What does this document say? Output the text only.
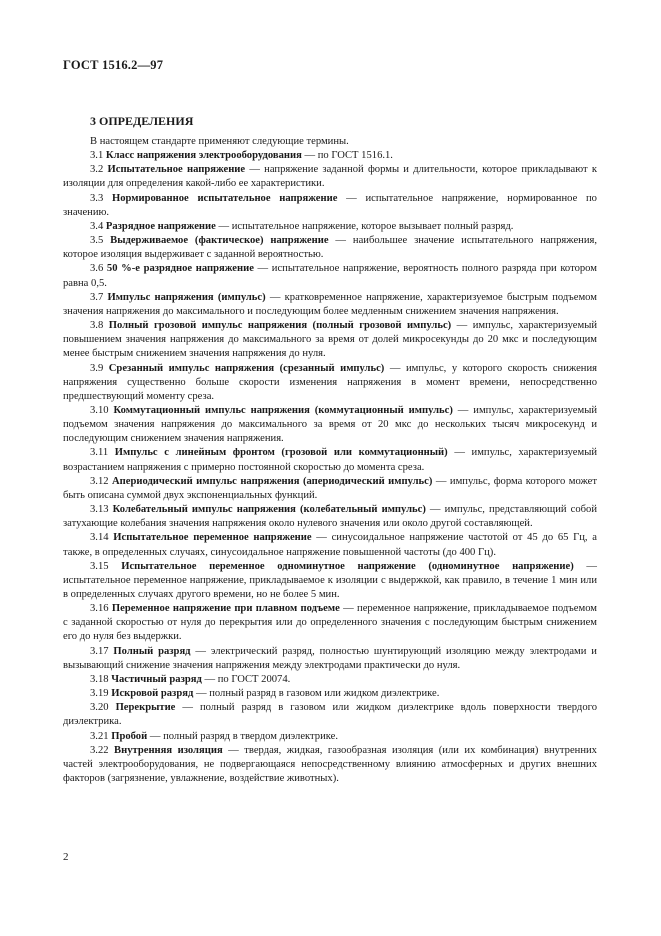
ГОСТ 1516.2—97
3 ОПРЕДЕЛЕНИЯ

В настоящем стандарте применяют следующие термины.

3.1 Класс напряжения электрооборудования — по ГОСТ 1516.1.

3.2 Испытательное напряжение — напряжение заданной формы и длительности, которое прикладывают к изоляции для определения какой-либо ее характеристики.

3.3 Нормированное испытательное напряжение — испытательное напряжение, нормированное по значению.

3.4 Разрядное напряжение — испытательное напряжение, которое вызывает полный разряд.

3.5 Выдерживаемое (фактическое) напряжение — наибольшее значение испытательного напряжения, которое изоляция выдерживает с заданной вероятностью.

3.6 50 %-е разрядное напряжение — испытательное напряжение, вероятность полного разряда при котором равна 0,5.

3.7 Импульс напряжения (импульс) — кратковременное напряжение, характеризуемое быстрым подъемом значения напряжения до максимального и последующим более медленным снижением значения напряжения.

3.8 Полный грозовой импульс напряжения (полный грозовой импульс) — импульс, характеризуемый повышением значения напряжения до максимального за время от долей микросекунды до 20 мкс и последующим менее быстрым снижением значения напряжения до нуля.

3.9 Срезанный импульс напряжения (срезанный импульс) — импульс, у которого скорость снижения напряжения существенно больше скорости изменения напряжения в момент времени, непосредственно предшествующий моменту среза.

3.10 Коммутационный импульс напряжения (коммутационный импульс) — импульс, характеризуемый подъемом значения напряжения до максимального за время от 20 мкс до нескольких тысяч микросекунд и последующим снижением значения напряжения.

3.11 Импульс с линейным фронтом (грозовой или коммутационный) — импульс, характеризуемый возрастанием напряжения с примерно постоянной скоростью до момента среза.

3.12 Апериодический импульс напряжения (апериодический импульс) — импульс, форма которого может быть описана суммой двух экспоненциальных функций.

3.13 Колебательный импульс напряжения (колебательный импульс) — импульс, представляющий собой затухающие колебания значения напряжения около нулевого значения или около другой составляющей.

3.14 Испытательное переменное напряжение — синусоидальное напряжение частотой от 45 до 65 Гц, а также, в определенных случаях, синусоидальное напряжение повышенной частоты (до 400 Гц).

3.15 Испытательное переменное одноминутное напряжение (одноминутное напряжение) — испытательное переменное напряжение, прикладываемое к изоляции с выдержкой, как правило, в течение 1 мин или в определенных случаях другого времени, но не более 5 мин.

3.16 Переменное напряжение при плавном подъеме — переменное напряжение, прикладываемое подъемом с заданной скоростью от нуля до перекрытия или до определенного значения с последующим быстрым снижением его до нуля без выдержки.

3.17 Полный разряд — электрический разряд, полностью шунтирующий изоляцию между электродами и вызывающий снижение значения напряжения между электродами практически до нуля.

3.18 Частичный разряд — по ГОСТ 20074.

3.19 Искровой разряд — полный разряд в газовом или жидком диэлектрике.

3.20 Перекрытие — полный разряд в газовом или жидком диэлектрике вдоль поверхности твердого диэлектрика.

3.21 Пробой — полный разряд в твердом диэлектрике.

3.22 Внутренняя изоляция — твердая, жидкая, газообразная изоляция (или их комбинация) внутренних частей электрооборудования, не подвергающаяся непосредственному влиянию атмосферных и других внешних факторов (загрязнение, увлажнение, воздействие животных).

2
